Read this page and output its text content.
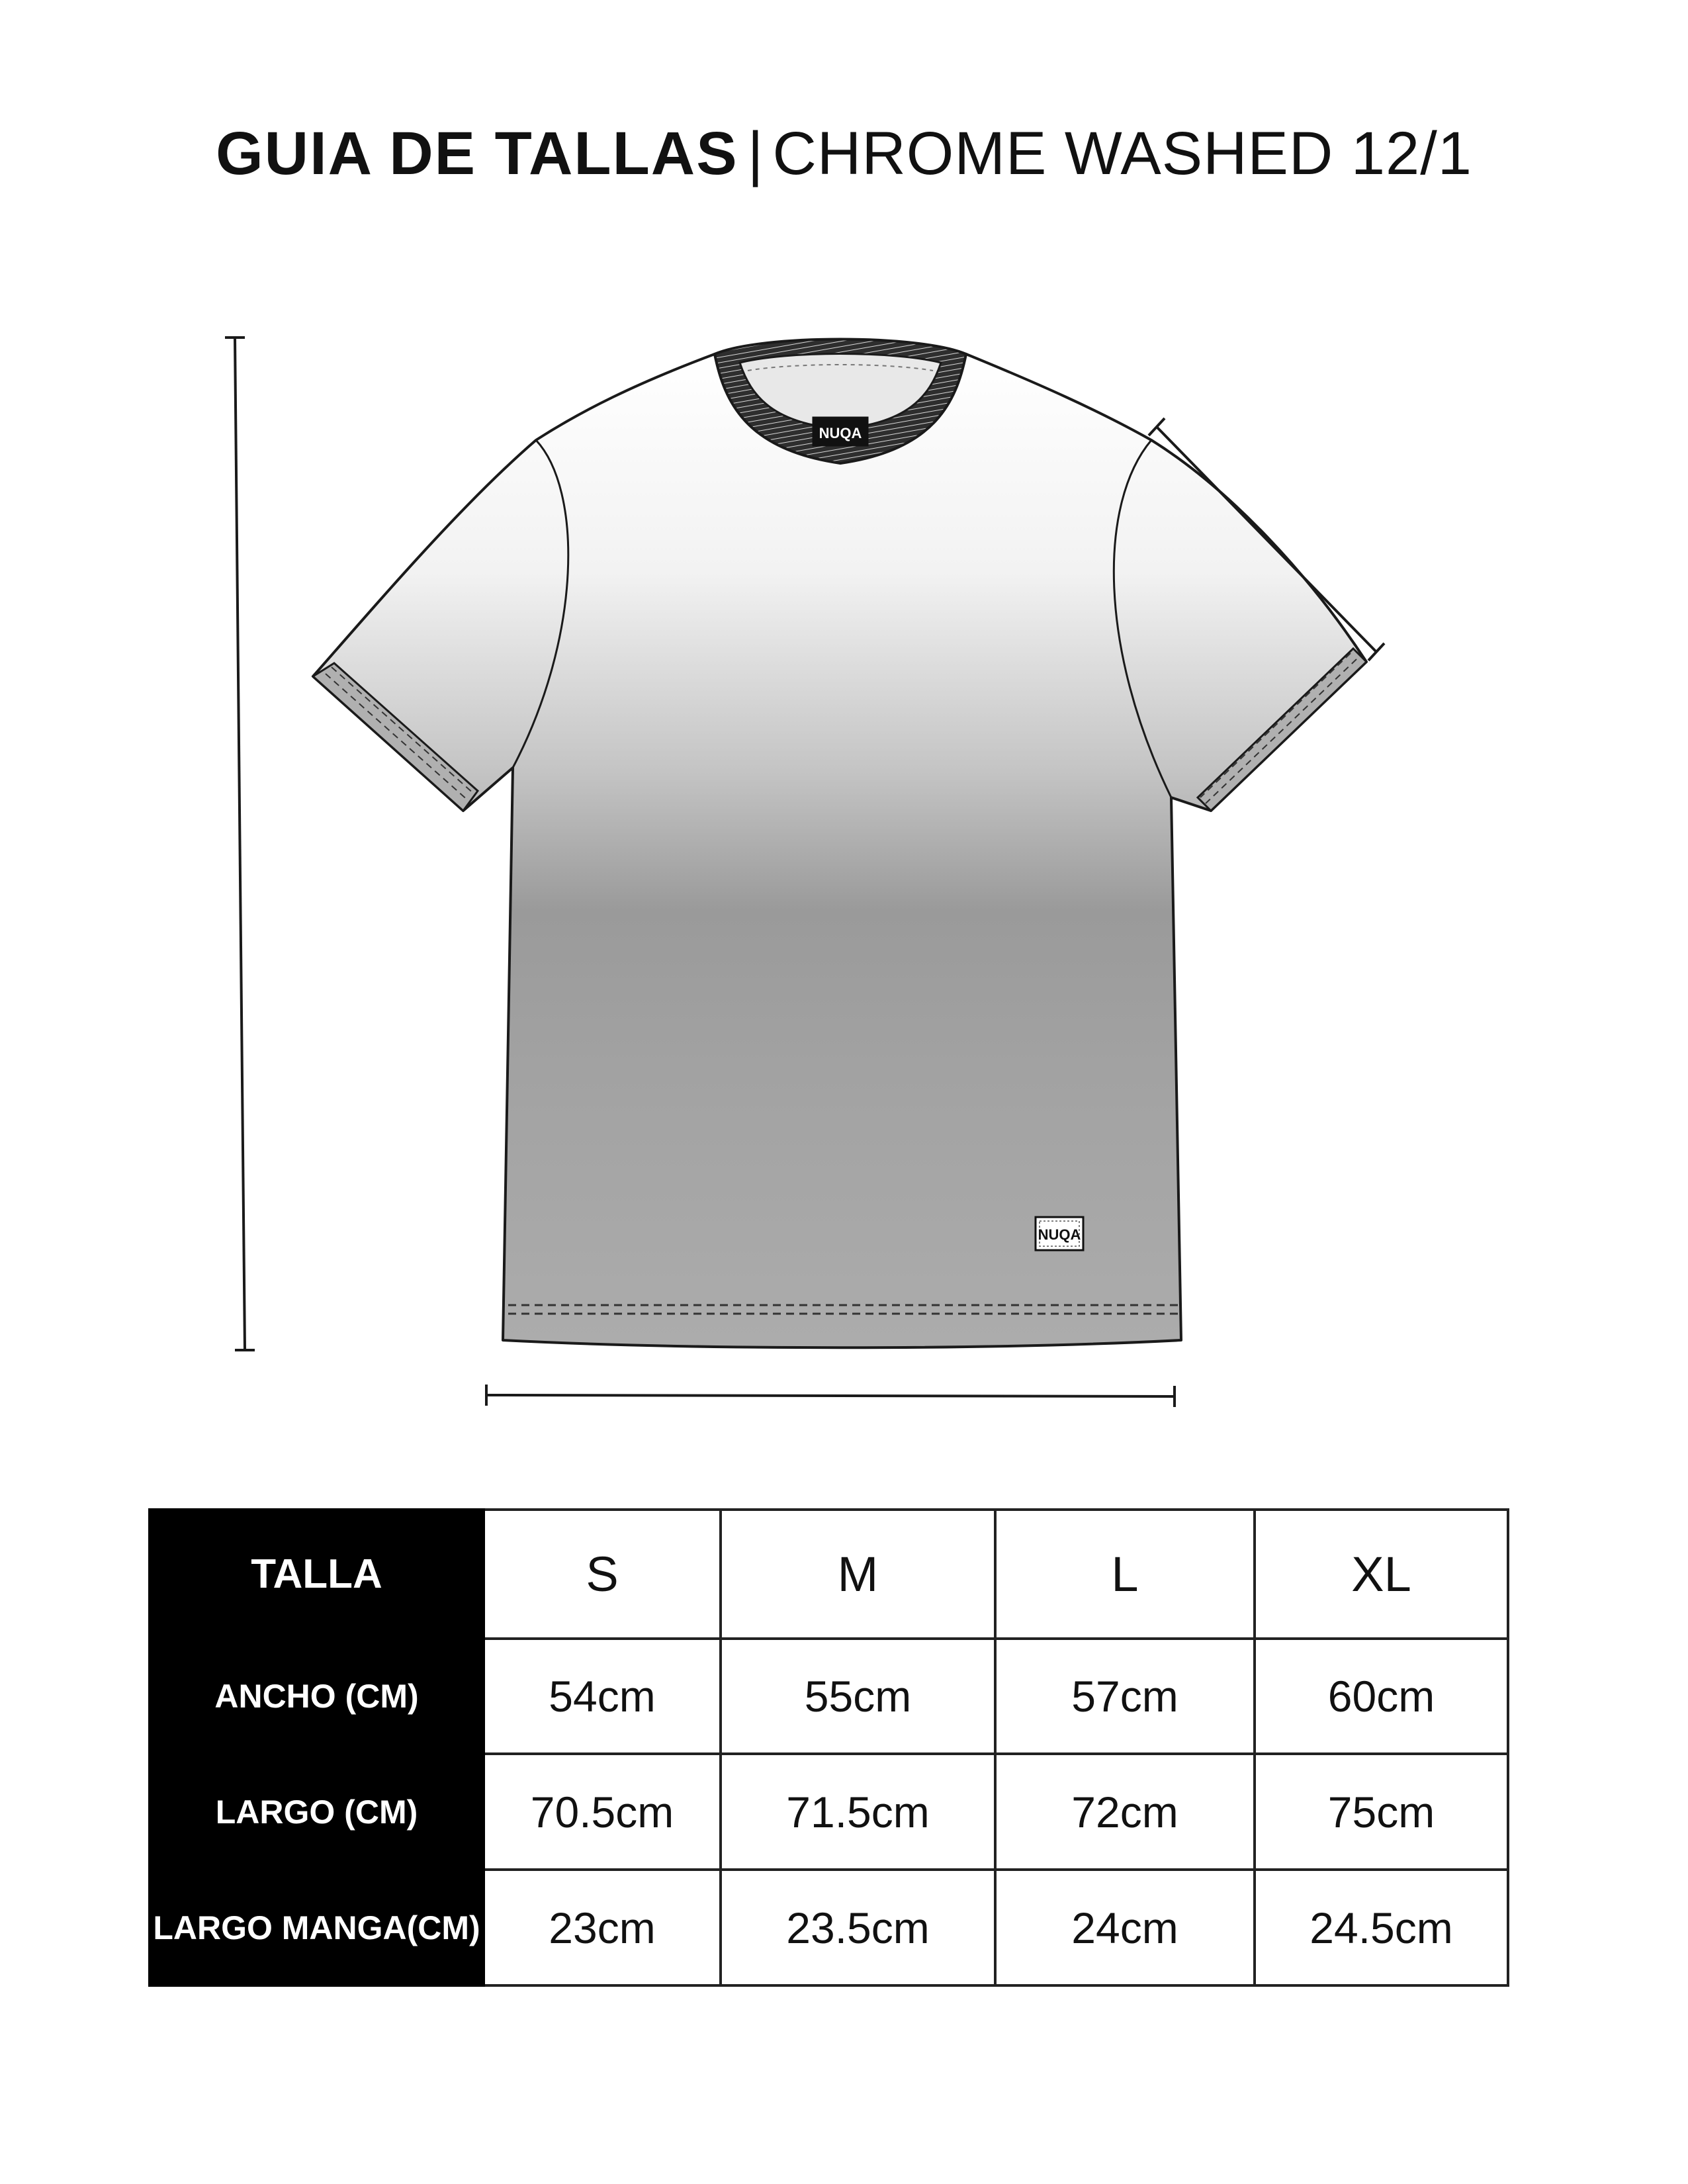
GUIA DE TALLAS | CHROME WASHED 12/1
NUQA
NUQA
TALLA	S	M	L	XL
ANCHO (CM)	54cm	55cm	57cm	60cm
LARGO (CM)	70.5cm	71.5cm	72cm	75cm
LARGO MANGA(CM)	23cm	23.5cm	24cm	24.5cm
